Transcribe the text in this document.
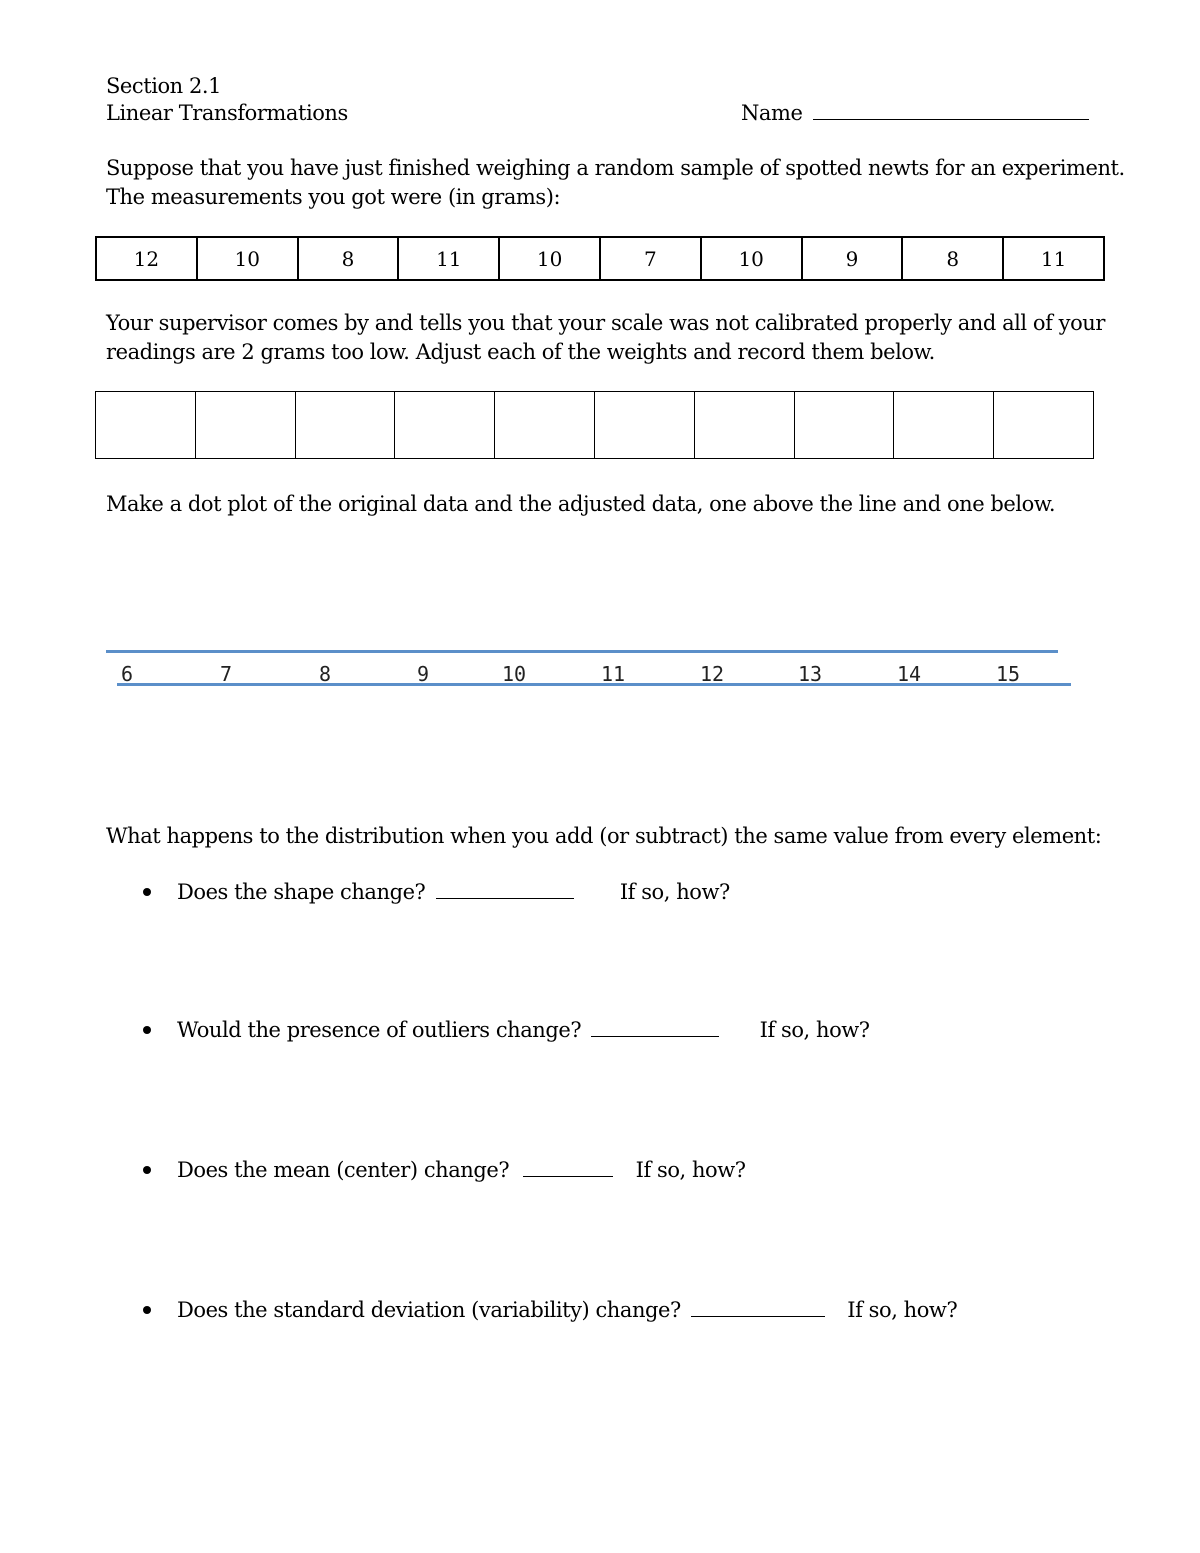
Section 2.1
Linear Transformations	Name
Suppose that you have just finished weighing a random sample of spotted newts for an experiment.
The measurements you got were (in grams):
12	10	8	11	10	7	10	9	8	11
Your supervisor comes by and tells you that your scale was not calibrated properly and all of your
readings are 2 grams too low. Adjust each of the weights and record them below.

Make a dot plot of the original data and the adjusted data, one above the line and one below.
6	7	8	9	10	11	12	13	14	15
What happens to the distribution when you add (or subtract) the same value from every element:
Does the shape change?	If so, how?
Would the presence of outliers change?	If so, how?
Does the mean (center) change?	If so, how?
Does the standard deviation (variability) change?	If so, how?
